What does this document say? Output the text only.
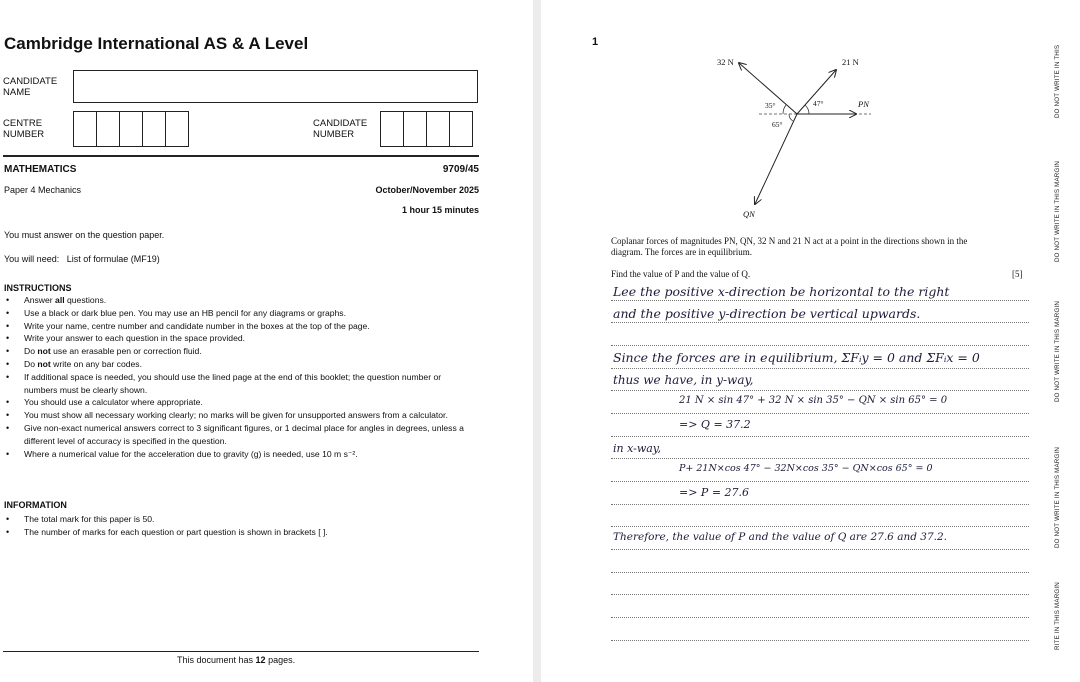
Cambridge International AS & A Level
CANDIDATE
NAME
CENTRE
NUMBER
CANDIDATE
NUMBER
MATHEMATICS	9709/45
Paper 4 Mechanics	October/November 2025
1 hour 15 minutes
You must answer on the question paper.
You will need: List of formulae (MF19)
INSTRUCTIONS
• Answer all questions.
• Use a black or dark blue pen. You may use an HB pencil for any diagrams or graphs.
• Write your name, centre number and candidate number in the boxes at the top of the page.
• Write your answer to each question in the space provided.
• Do not use an erasable pen or correction fluid.
• Do not write on any bar codes.
• If additional space is needed, you should use the lined page at the end of this booklet; the question number or numbers must be clearly shown.
• You should use a calculator where appropriate.
• You must show all necessary working clearly; no marks will be given for unsupported answers from a calculator.
• Give non-exact numerical answers correct to 3 significant figures, or 1 decimal place for angles in degrees, unless a different level of accuracy is specified in the question.
• Where a numerical value for the acceleration due to gravity (g) is needed, use 10 m s⁻².
INFORMATION
• The total mark for this paper is 50.
• The number of marks for each question or part question is shown in brackets [ ].
This document has 12 pages.
1
32 N	21 N
PN
QN
35°	47°
65°
Coplanar forces of magnitudes PN, QN, 32 N and 21 N act at a point in the directions shown in the
diagram. The forces are in equilibrium.
Find the value of P and the value of Q.	[5]
Lee the positive x-direction be horizontal to the right
and the positive y-direction be vertical upwards.
Since the forces are in equilibrium, ΣFᵢy = 0 and ΣFᵢx = 0
thus we have, in y-way,
21 N × sin 47° + 32 N × sin 35° − QN × sin 65° = 0
=> Q = 37.2
in x-way,
P+ 21N×cos 47° − 32N×cos 35° − QN×cos 65° = 0
=> P = 27.6
Therefore, the value of P and the value of Q are 27.6 and 37.2.
DO NOT WRITE IN THIS
DO NOT WRITE IN THIS MARGIN
DO NOT WRITE IN THIS MARGIN
DO NOT WRITE IN THIS MARGIN
RITE IN THIS MARGIN
